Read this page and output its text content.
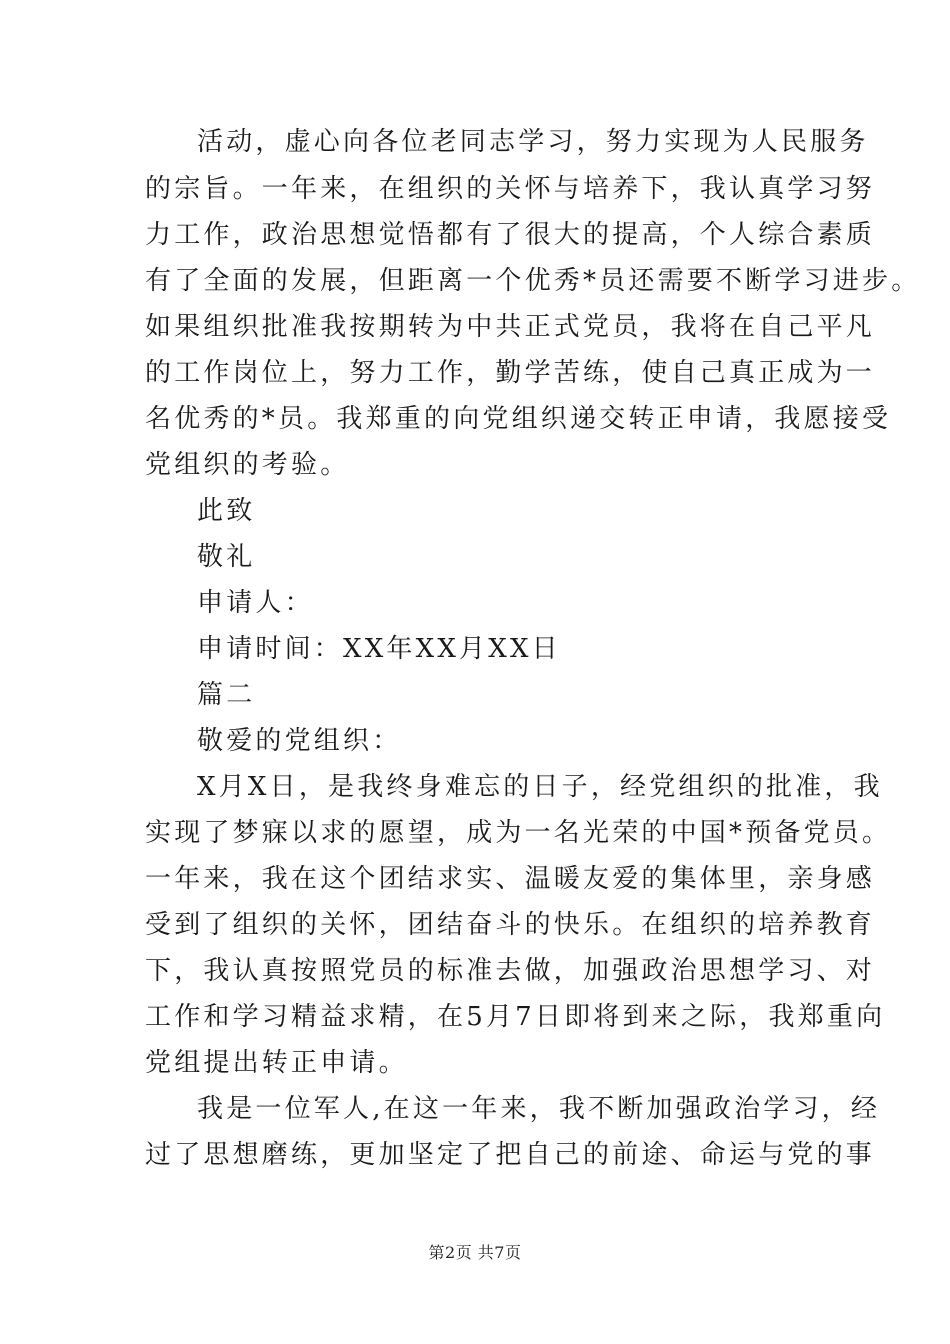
活动，虚心向各位老同志学习，努力实现为人民服务
的宗旨。一年来，在组织的关怀与培养下，我认真学习努
力工作，政治思想觉悟都有了很大的提高，个人综合素质
有了全面的发展，但距离一个优秀*员还需要不断学习进步。
如果组织批准我按期转为中共正式党员，我将在自己平凡
的工作岗位上，努力工作，勤学苦练，使自己真正成为一
名优秀的*员。我郑重的向党组织递交转正申请，我愿接受
党组织的考验。
此致
敬礼
申请人：
申请时间：XX年XX月XX日
篇二
敬爱的党组织：
X月X日，是我终身难忘的日子，经党组织的批准，我
实现了梦寐以求的愿望，成为一名光荣的中国*预备党员。
一年来，我在这个团结求实、温暖友爱的集体里，亲身感
受到了组织的关怀，团结奋斗的快乐。在组织的培养教育
下，我认真按照党员的标准去做，加强政治思想学习、对
工作和学习精益求精，在5月7日即将到来之际，我郑重向
党组提出转正申请。
我是一位军人,在这一年来，我不断加强政治学习，经
过了思想磨练，更加坚定了把自己的前途、命运与党的事
第2页 共7页
